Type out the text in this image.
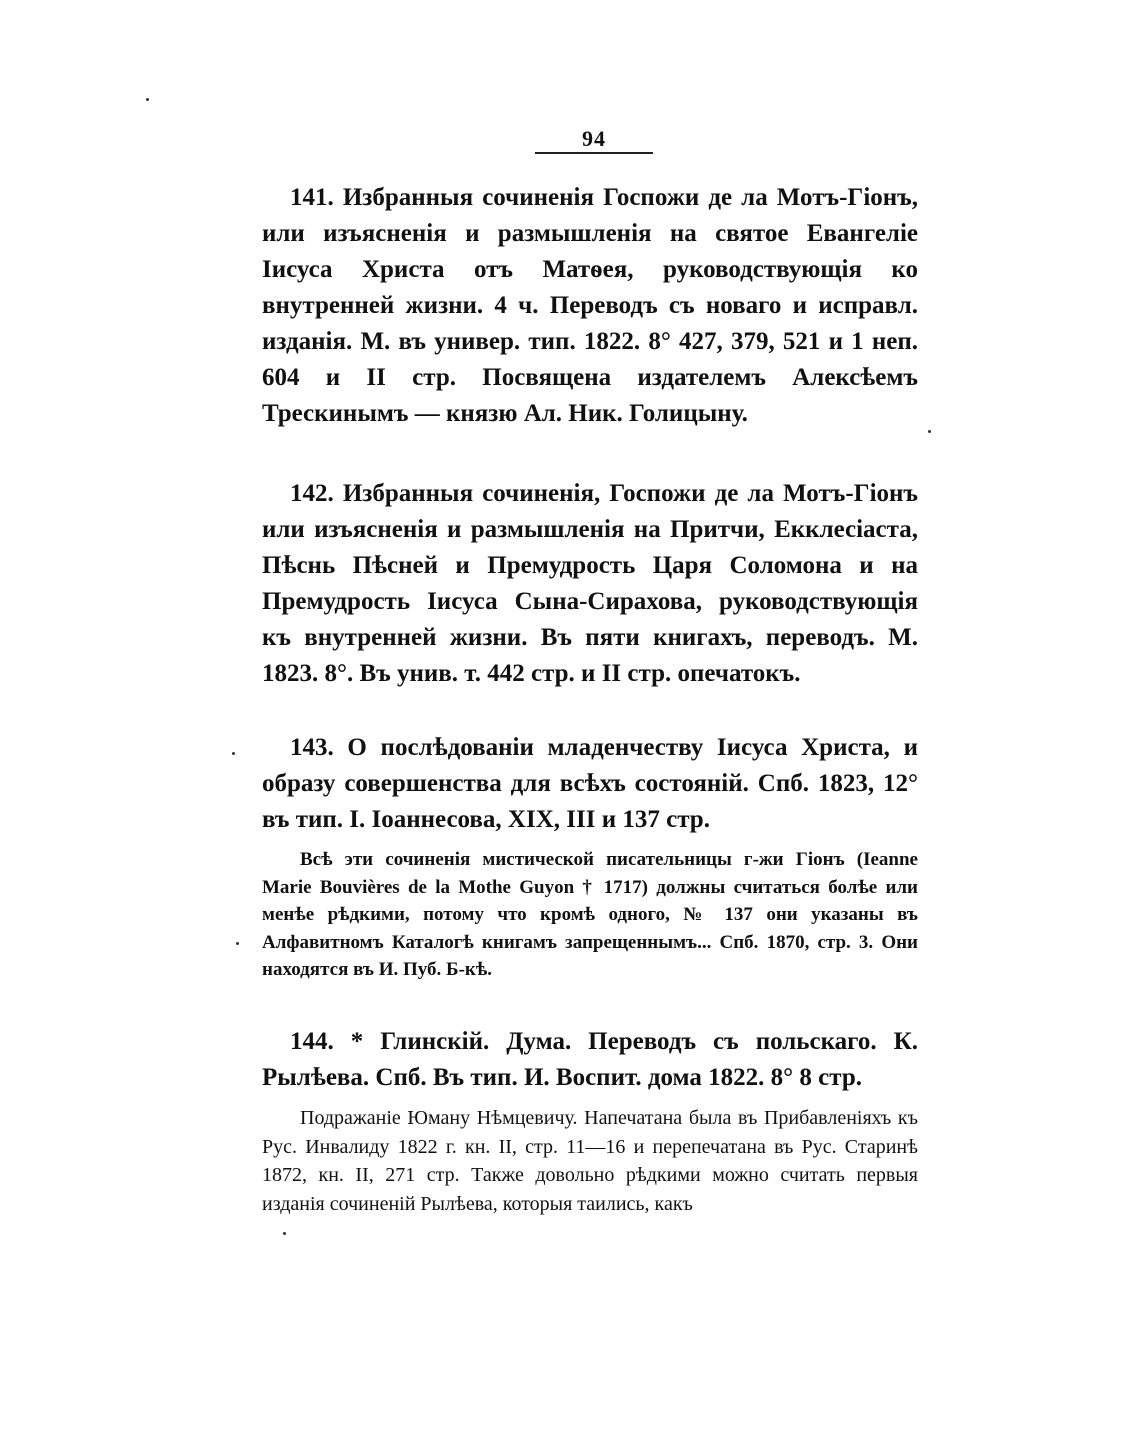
94
141. Избранныя сочиненія Госпожи де ла Мотъ-Гіонъ, или изъясненія и размышленія на святое Евангеліе Іисуса Христа отъ Матѳея, руководствующія ко внутренней жизни. 4 ч. Переводъ съ новаго и исправл. изданія. М. въ универ. тип. 1822. 8° 427, 379, 521 и 1 неп. 604 и II стр. Посвящена издателемъ Алексѣемъ Трескинымъ — князю Ал. Ник. Голицыну.
142. Избранныя сочиненія, Госпожи де ла Мотъ-Гіонъ или изъясненія и размышленія на Притчи, Екклесіаста, Пѣснь Пѣсней и Премудрость Царя Соломона и на Премудрость Іисуса Сына-Сирахова, руководствующія къ внутренней жизни. Въ пяти книгахъ, переводъ. М. 1823. 8°. Въ унив. т. 442 стр. и II стр. опечатокъ.
143. О послѣдованіи младенчеству Іисуса Христа, и образу совершенства для всѣхъ состояній. Спб. 1823, 12° въ тип. І. Іоаннесова, XIX, III и 137 стр.
Всѣ эти сочиненія мистической писательницы г-жи Гіонъ (Ieanne Marie Bouvières de la Mothe Guyon † 1717) должны считаться болѣе или менѣе рѣдкими, потому что кромѣ одного, № 137 они указаны въ Алфавитномъ Каталогѣ книгамъ запрещеннымъ... Спб. 1870, стр. 3. Они находятся въ И. Пуб. Б-кѣ.
144. * Глинскій. Дума. Переводъ съ польскаго. К. Рылѣева. Спб. Въ тип. И. Воспит. дома 1822. 8° 8 стр.
Подражаніе Юману Нѣмцевичу. Напечатана была въ Прибавленіяхъ къ Рус. Инвалиду 1822 г. кн. II, стр. 11—16 и перепечатана въ Рус. Старинѣ 1872, кн. II, 271 стр. Также довольно рѣдкими можно считать первыя изданія сочиненій Рылѣева, которыя таились, какъ
